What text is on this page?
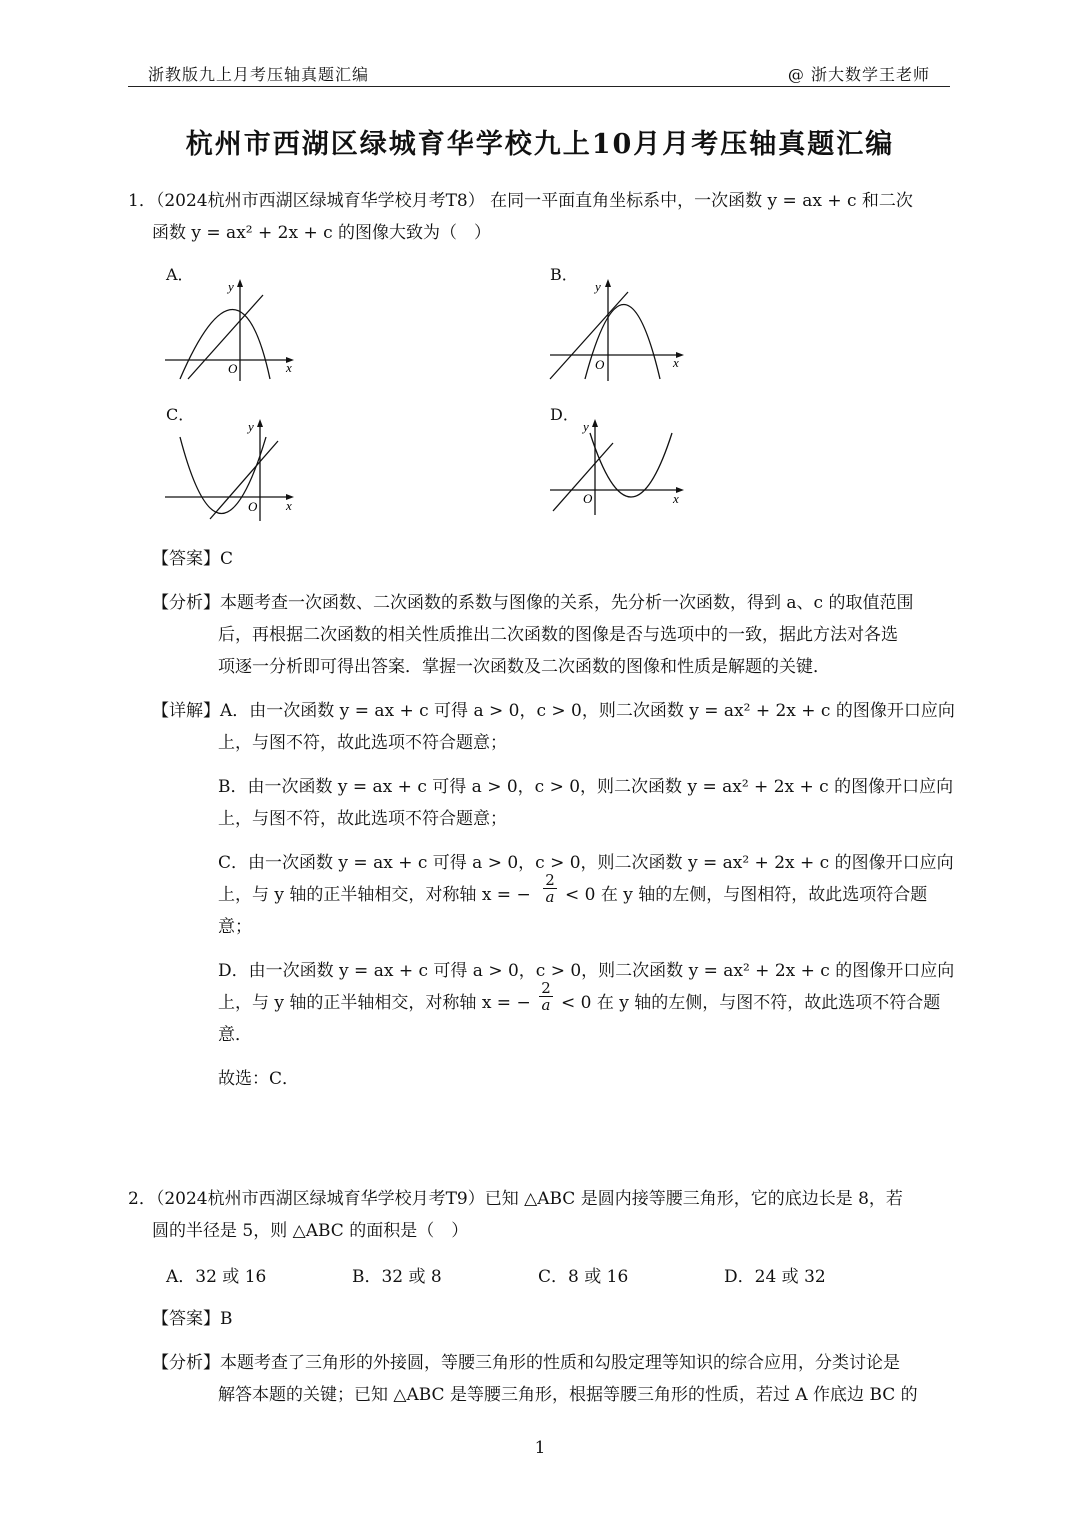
浙教版九上月考压轴真题汇编	@ 浙大数学王老师
杭州市西湖区绿城育华学校九上10月月考压轴真题汇编
1．（2024杭州市西湖区绿城育华学校月考T8） 在同一平面直角坐标系中，一次函数 y = ax + c 和二次
函数 y = ax² + 2x + c 的图像大致为（　）
A．	B．
C．	D．
y
x
O
y
x
O
y
x
O
y
x
O
【答案】C
【分析】本题考查一次函数、二次函数的系数与图像的关系，先分析一次函数，得到 a、c 的取值范围
后，再根据二次函数的相关性质推出二次函数的图像是否与选项中的一致，据此方法对各选
项逐一分析即可得出答案．掌握一次函数及二次函数的图像和性质是解题的关键．
【详解】A．由一次函数 y = ax + c 可得 a > 0，c > 0，则二次函数 y = ax² + 2x + c 的图像开口应向
上，与图不符，故此选项不符合题意；
B．由一次函数 y = ax + c 可得 a > 0，c > 0，则二次函数 y = ax² + 2x + c 的图像开口应向
上，与图不符，故此选项不符合题意；
C．由一次函数 y = ax + c 可得 a > 0，c > 0，则二次函数 y = ax² + 2x + c 的图像开口应向
上，与 y 轴的正半轴相交，对称轴 x = − $\frac{2}{a} < 0$ 在 y 轴的左侧，与图相符，故此选项符合题
意；
D．由一次函数 y = ax + c 可得 a > 0，c > 0，则二次函数 y = ax² + 2x + c 的图像开口应向
上，与 y 轴的正半轴相交，对称轴 x = − $\frac{2}{a} < 0$ 在 y 轴的左侧，与图不符，故此选项不符合题
意．
故选：C．
2．（2024杭州市西湖区绿城育华学校月考T9）已知 △ABC 是圆内接等腰三角形，它的底边长是 8，若
圆的半径是 5，则 △ABC 的面积是（　）
A．32 或 16	B．32 或 8	C．8 或 16	D．24 或 32
【答案】B
【分析】本题考查了三角形的外接圆，等腰三角形的性质和勾股定理等知识的综合应用，分类讨论是
解答本题的关键；已知 △ABC 是等腰三角形，根据等腰三角形的性质，若过 A 作底边 BC 的
1
